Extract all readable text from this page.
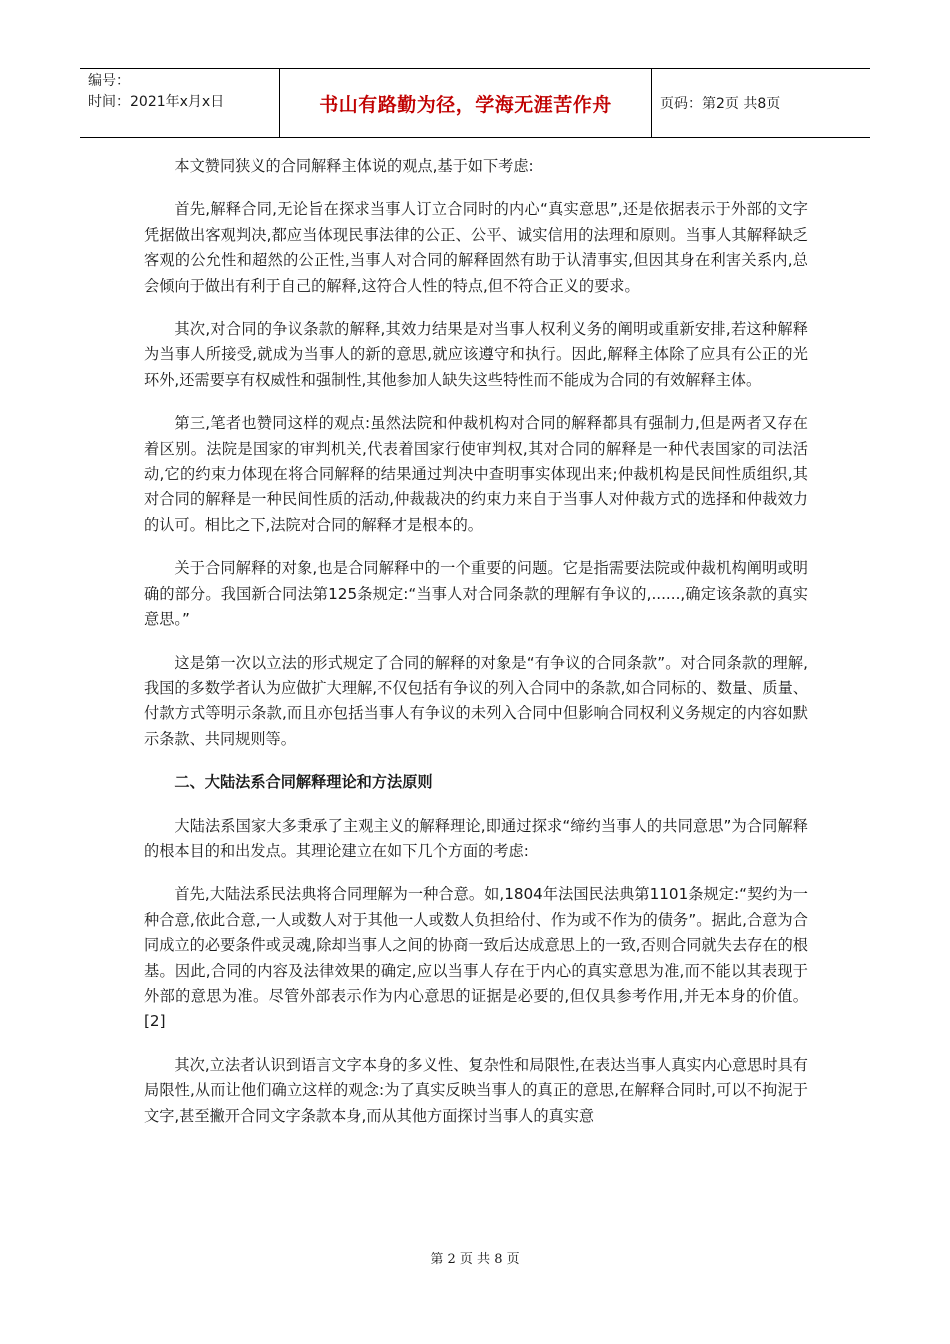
编号：
时间：2021年x月x日	书山有路勤为径，学海无涯苦作舟	页码：第2页 共8页

本文赞同狭义的合同解释主体说的观点,基于如下考虑:

首先,解释合同,无论旨在探求当事人订立合同时的内心“真实意思”,还是依据表示于外部的文字凭据做出客观判决,都应当体现民事法律的公正、公平、诚实信用的法理和原则。当事人其解释缺乏客观的公允性和超然的公正性,当事人对合同的解释固然有助于认清事实,但因其身在利害关系内,总会倾向于做出有利于自己的解释,这符合人性的特点,但不符合正义的要求。

其次,对合同的争议条款的解释,其效力结果是对当事人权利义务的阐明或重新安排,若这种解释为当事人所接受,就成为当事人的新的意思,就应该遵守和执行。因此,解释主体除了应具有公正的光环外,还需要享有权威性和强制性,其他参加人缺失这些特性而不能成为合同的有效解释主体。

第三,笔者也赞同这样的观点:虽然法院和仲裁机构对合同的解释都具有强制力,但是两者又存在着区别。法院是国家的审判机关,代表着国家行使审判权,其对合同的解释是一种代表国家的司法活动,它的约束力体现在将合同解释的结果通过判决中查明事实体现出来;仲裁机构是民间性质组织,其对合同的解释是一种民间性质的活动,仲裁裁决的约束力来自于当事人对仲裁方式的选择和仲裁效力的认可。相比之下,法院对合同的解释才是根本的。

关于合同解释的对象,也是合同解释中的一个重要的问题。它是指需要法院或仲裁机构阐明或明确的部分。我国新合同法第125条规定:“当事人对合同条款的理解有争议的,......,确定该条款的真实意思。”

这是第一次以立法的形式规定了合同的解释的对象是“有争议的合同条款”。对合同条款的理解,我国的多数学者认为应做扩大理解,不仅包括有争议的列入合同中的条款,如合同标的、数量、质量、付款方式等明示条款,而且亦包括当事人有争议的未列入合同中但影响合同权利义务规定的内容如默示条款、共同规则等。

二、大陆法系合同解释理论和方法原则

大陆法系国家大多秉承了主观主义的解释理论,即通过探求“缔约当事人的共同意思”为合同解释的根本目的和出发点。其理论建立在如下几个方面的考虑:

首先,大陆法系民法典将合同理解为一种合意。如,1804年法国民法典第1101条规定:“契约为一种合意,依此合意,一人或数人对于其他一人或数人负担给付、作为或不作为的债务”。据此,合意为合同成立的必要条件或灵魂,除却当事人之间的协商一致后达成意思上的一致,否则合同就失去存在的根基。因此,合同的内容及法律效果的确定,应以当事人存在于内心的真实意思为准,而不能以其表现于外部的意思为准。尽管外部表示作为内心意思的证据是必要的,但仅具参考作用,并无本身的价值。[2]

其次,立法者认识到语言文字本身的多义性、复杂性和局限性,在表达当事人真实内心意思时具有局限性,从而让他们确立这样的观念:为了真实反映当事人的真正的意思,在解释合同时,可以不拘泥于文字,甚至撇开合同文字条款本身,而从其他方面探讨当事人的真实意

第 2 页 共 8 页
